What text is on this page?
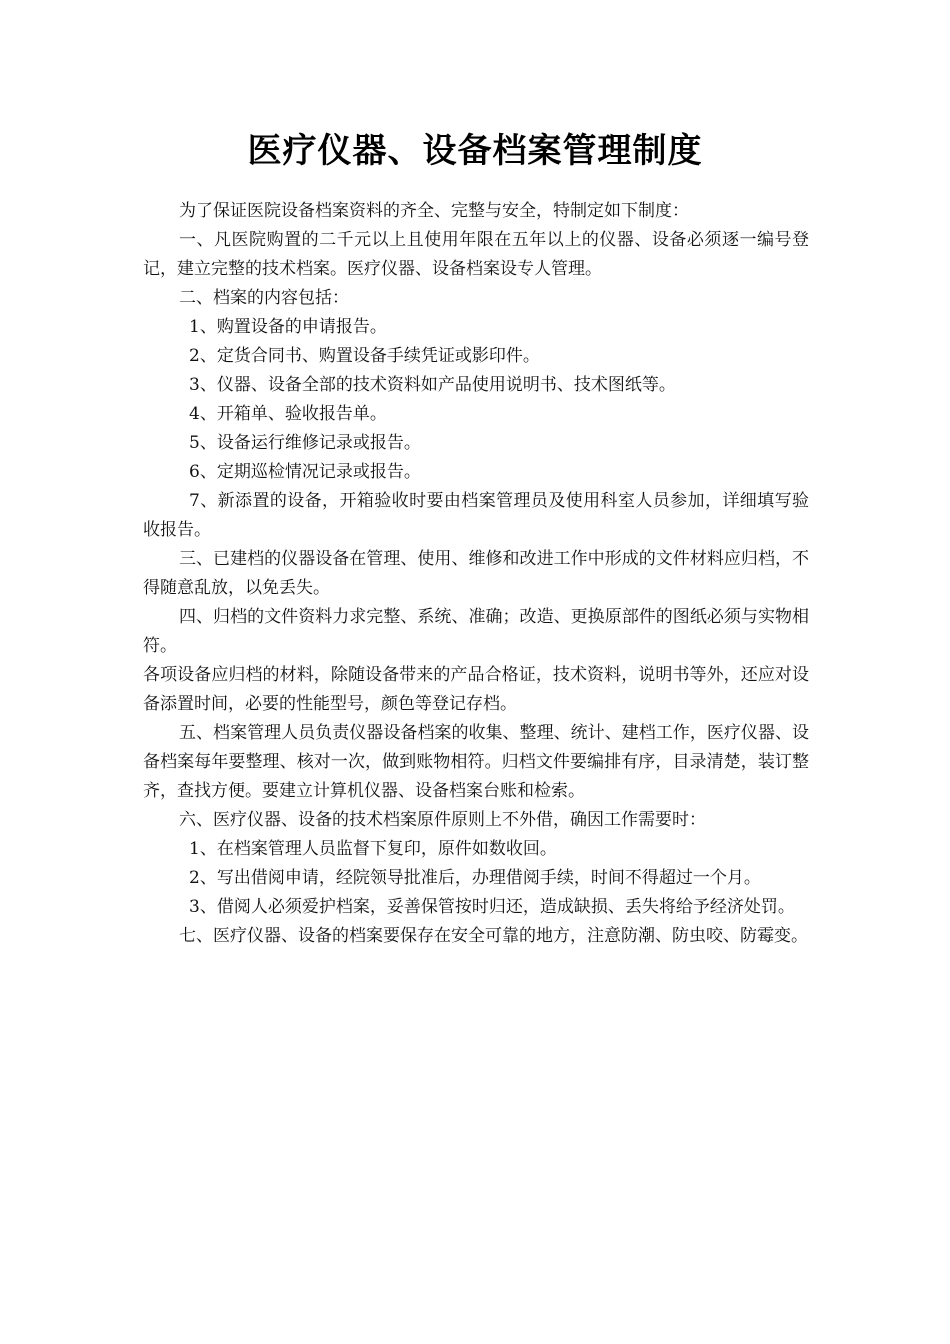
医疗仪器、设备档案管理制度

为了保证医院设备档案资料的齐全、完整与安全，特制定如下制度：

一、凡医院购置的二千元以上且使用年限在五年以上的仪器、设备必须逐一编号登记，建立完整的技术档案。医疗仪器、设备档案设专人管理。

二、档案的内容包括：

1、购置设备的申请报告。

2、定货合同书、购置设备手续凭证或影印件。

3、仪器、设备全部的技术资料如产品使用说明书、技术图纸等。

4、开箱单、验收报告单。

5、设备运行维修记录或报告。

6、定期巡检情况记录或报告。

7、新添置的设备，开箱验收时要由档案管理员及使用科室人员参加，详细填写验收报告。

三、已建档的仪器设备在管理、使用、维修和改进工作中形成的文件材料应归档，不得随意乱放，以免丢失。

四、归档的文件资料力求完整、系统、准确；改造、更换原部件的图纸必须与实物相符。

各项设备应归档的材料，除随设备带来的产品合格证，技术资料，说明书等外，还应对设备添置时间，必要的性能型号，颜色等登记存档。

五、档案管理人员负责仪器设备档案的收集、整理、统计、建档工作，医疗仪器、设备档案每年要整理、核对一次，做到账物相符。归档文件要编排有序，目录清楚，装订整齐，查找方便。要建立计算机仪器、设备档案台账和检索。

六、医疗仪器、设备的技术档案原件原则上不外借，确因工作需要时：

1、在档案管理人员监督下复印，原件如数收回。

2、写出借阅申请，经院领导批准后，办理借阅手续，时间不得超过一个月。

3、借阅人必须爱护档案，妥善保管按时归还，造成缺损、丢失将给予经济处罚。

七、医疗仪器、设备的档案要保存在安全可靠的地方，注意防潮、防虫咬、防霉变。
